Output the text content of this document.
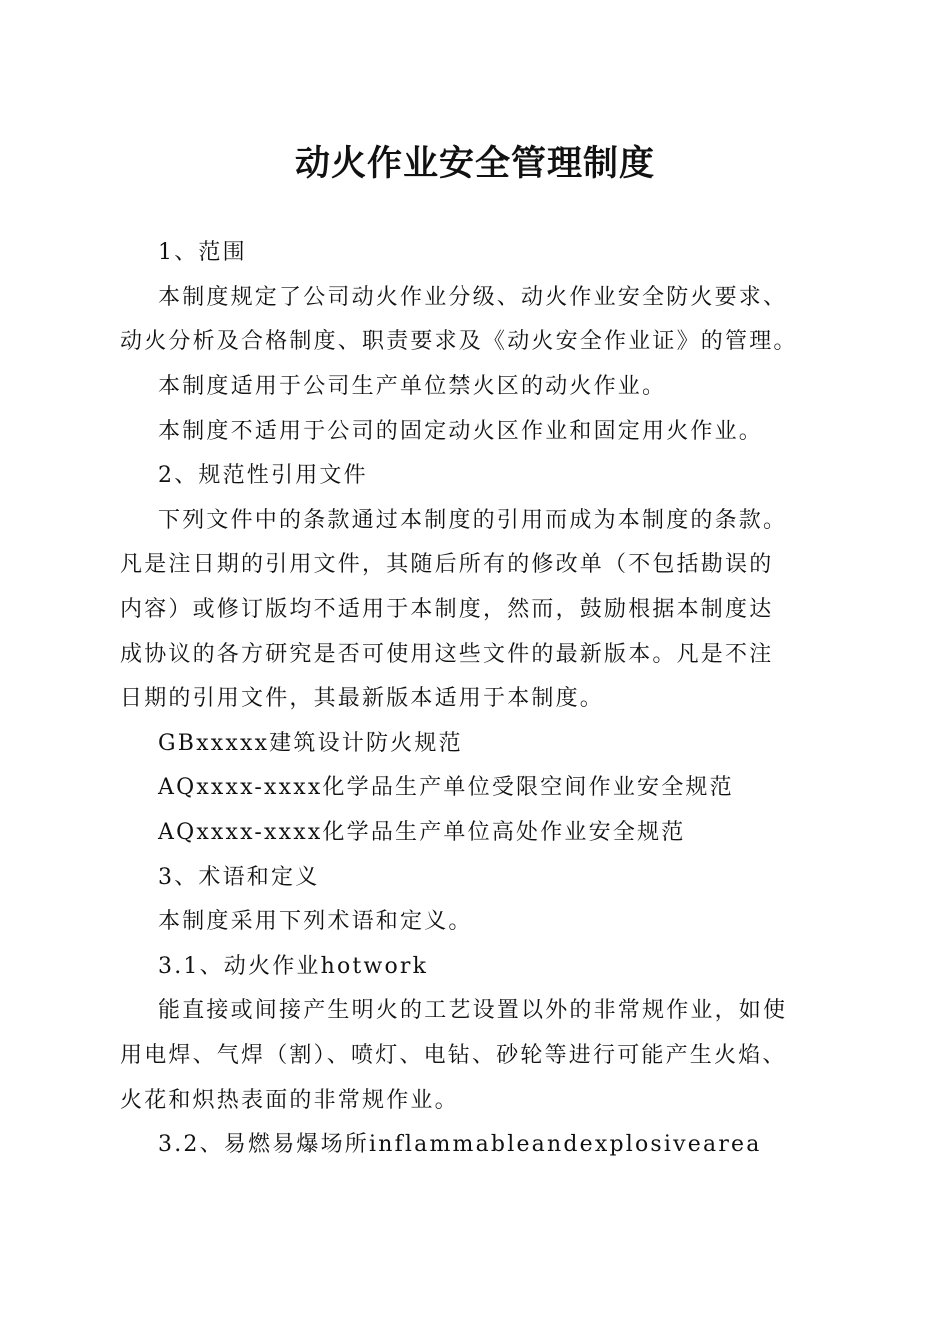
动火作业安全管理制度
1、范围
本制度规定了公司动火作业分级、动火作业安全防火要求、
动火分析及合格制度、职责要求及《动火安全作业证》的管理。
本制度适用于公司生产单位禁火区的动火作业。
本制度不适用于公司的固定动火区作业和固定用火作业。
2、规范性引用文件
下列文件中的条款通过本制度的引用而成为本制度的条款。
凡是注日期的引用文件，其随后所有的修改单（不包括勘误的
内容）或修订版均不适用于本制度，然而，鼓励根据本制度达
成协议的各方研究是否可使用这些文件的最新版本。凡是不注
日期的引用文件，其最新版本适用于本制度。
GBxxxxx建筑设计防火规范
AQxxxx-xxxx化学品生产单位受限空间作业安全规范
AQxxxx-xxxx化学品生产单位高处作业安全规范
3、术语和定义
本制度采用下列术语和定义。
3.1、动火作业hotwork
能直接或间接产生明火的工艺设置以外的非常规作业，如使
用电焊、气焊（割）、喷灯、电钻、砂轮等进行可能产生火焰、
火花和炽热表面的非常规作业。
3.2、易燃易爆场所inflammableandexplosivearea
